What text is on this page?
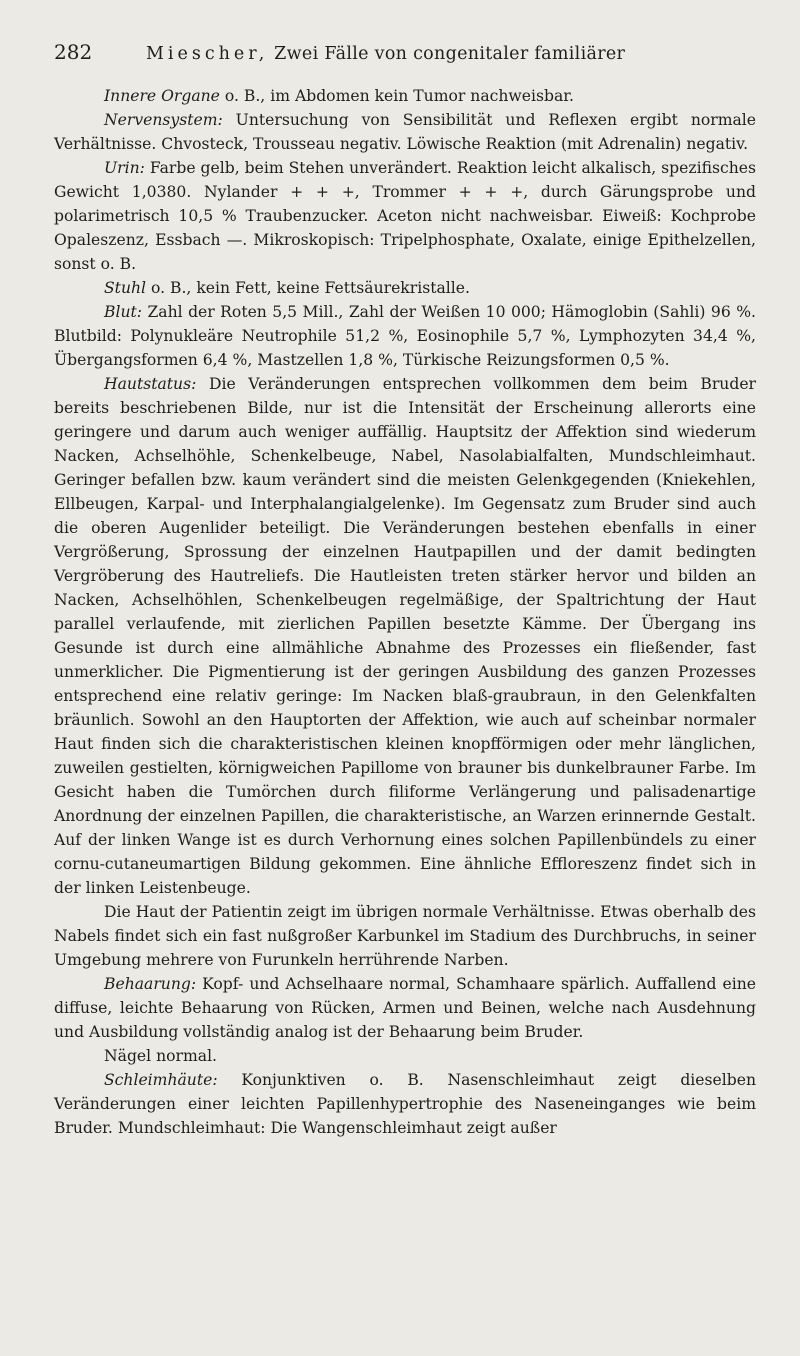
282	Miescher, Zwei Fälle von congenitaler familiärer

Innere Organe o. B., im Abdomen kein Tumor nachweisbar.

Nervensystem: Untersuchung von Sensibilität und Reflexen ergibt normale Verhältnisse. Chvosteck, Trousseau negativ. Löwische Reaktion (mit Adrenalin) negativ.

Urin: Farbe gelb, beim Stehen unverändert. Reaktion leicht alkalisch, spezifisches Gewicht 1,0380. Nylander + + +, Trommer + + +, durch Gärungsprobe und polarimetrisch 10,5 % Traubenzucker. Aceton nicht nachweisbar. Eiweiß: Kochprobe Opaleszenz, Essbach —. Mikroskopisch: Tripelphosphate, Oxalate, einige Epithelzellen, sonst o. B.

Stuhl o. B., kein Fett, keine Fettsäurekristalle.

Blut: Zahl der Roten 5,5 Mill., Zahl der Weißen 10 000; Hämoglobin (Sahli) 96 %. Blutbild: Polynukleäre Neutrophile 51,2 %, Eosinophile 5,7 %, Lymphozyten 34,4 %, Übergangsformen 6,4 %, Mastzellen 1,8 %, Türkische Reizungsformen 0,5 %.

Hautstatus: Die Veränderungen entsprechen vollkommen dem beim Bruder bereits beschriebenen Bilde, nur ist die Intensität der Erscheinung allerorts eine geringere und darum auch weniger auffällig. Hauptsitz der Affektion sind wiederum Nacken, Achselhöhle, Schenkelbeuge, Nabel, Nasolabialfalten, Mundschleimhaut. Geringer befallen bzw. kaum verändert sind die meisten Gelenkgegenden (Kniekehlen, Ellbeugen, Karpal- und Interphalangialgelenke). Im Gegensatz zum Bruder sind auch die oberen Augenlider beteiligt. Die Veränderungen bestehen ebenfalls in einer Vergrößerung, Sprossung der einzelnen Hautpapillen und der damit bedingten Vergröberung des Hautreliefs. Die Hautleisten treten stärker hervor und bilden an Nacken, Achselhöhlen, Schenkelbeugen regelmäßige, der Spaltrichtung der Haut parallel verlaufende, mit zierlichen Papillen besetzte Kämme. Der Übergang ins Gesunde ist durch eine allmähliche Abnahme des Prozesses ein fließender, fast unmerklicher. Die Pigmentierung ist der geringen Ausbildung des ganzen Prozesses entsprechend eine relativ geringe: Im Nacken blaß-graubraun, in den Gelenkfalten bräunlich. Sowohl an den Hauptorten der Affektion, wie auch auf scheinbar normaler Haut finden sich die charakteristischen kleinen knopfförmigen oder mehr länglichen, zuweilen gestielten, körnigweichen Papillome von brauner bis dunkelbrauner Farbe. Im Gesicht haben die Tumörchen durch filiforme Verlängerung und palisadenartige Anordnung der einzelnen Papillen, die charakteristische, an Warzen erinnernde Gestalt. Auf der linken Wange ist es durch Verhornung eines solchen Papillenbündels zu einer cornu-cutaneumartigen Bildung gekommen. Eine ähnliche Effloreszenz findet sich in der linken Leistenbeuge.

Die Haut der Patientin zeigt im übrigen normale Verhältnisse. Etwas oberhalb des Nabels findet sich ein fast nußgroßer Karbunkel im Stadium des Durchbruchs, in seiner Umgebung mehrere von Furunkeln herrührende Narben.

Behaarung: Kopf- und Achselhaare normal, Schamhaare spärlich. Auffallend eine diffuse, leichte Behaarung von Rücken, Armen und Beinen, welche nach Ausdehnung und Ausbildung vollständig analog ist der Behaarung beim Bruder.

Nägel normal.

Schleimhäute: Konjunktiven o. B. Nasenschleimhaut zeigt dieselben Veränderungen einer leichten Papillenhypertrophie des Naseneinganges wie beim Bruder. Mundschleimhaut: Die Wangenschleimhaut zeigt außer
